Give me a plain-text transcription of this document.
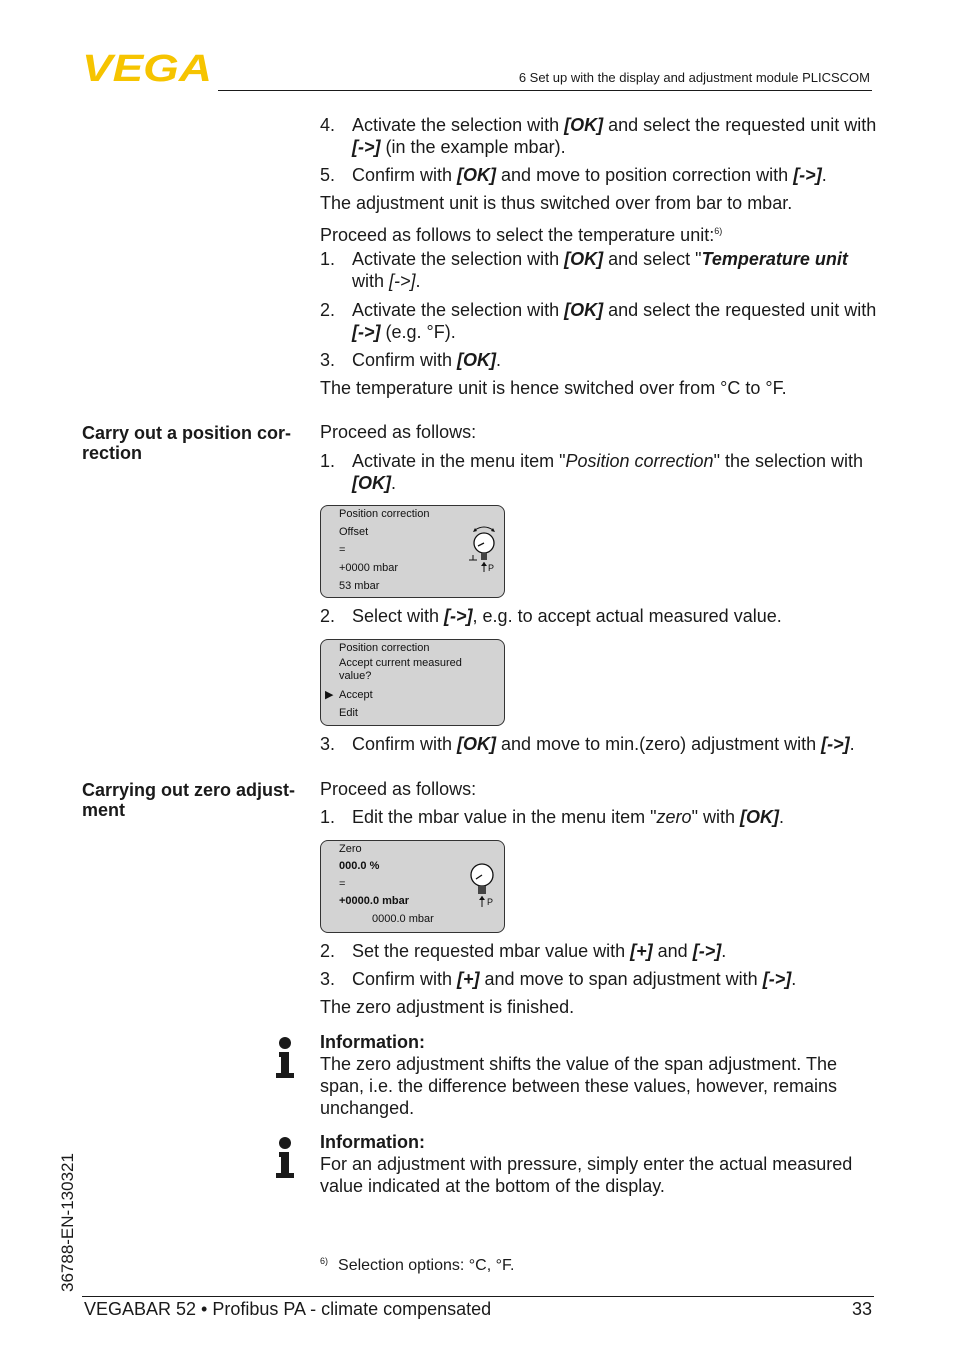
VEGA	6 Set up with the display and adjustment module PLICSCOM
4. Activate the selection with [OK] and select the requested unit with
[->] (in the example mbar).
5. Confirm with [OK] and move to position correction with [->].
The adjustment unit is thus switched over from bar to mbar.
Proceed as follows to select the temperature unit:$^{6)}$
1. Activate the selection with [OK] and select "Temperature unit
with [->].
2. Activate the selection with [OK] and select the requested unit with
[->] (e.g. °F).
3. Confirm with [OK].
The temperature unit is hence switched over from °C to °F.
Carry out a position cor-
rection
Proceed as follows:
1. Activate in the menu item "Position correction" the selection with
[OK].
Position correction
Offset
=
+0000 mbar
53 mbar
P
2. Select with [->], e.g. to accept actual measured value.
Position correction
Accept current measured
value?
▶ Accept
Edit
3. Confirm with [OK] and move to min.(zero) adjustment with [->].
Carrying out zero adjust-
ment
Proceed as follows:
1. Edit the mbar value in the menu item "zero" with [OK].
Zero
000.0 %
=
+0000.0 mbar
0000.0 mbar
P
2. Set the requested mbar value with [+] and [->].
3. Confirm with [+] and move to span adjustment with [->].
The zero adjustment is finished.
Information:
The zero adjustment shifts the value of the span adjustment. The
span, i.e. the difference between these values, however, remains
unchanged.
Information:
For an adjustment with pressure, simply enter the actual measured
value indicated at the bottom of the display.
$^{6)}$ Selection options: °C, °F.
36788-EN-130321
VEGABAR 52 • Profibus PA - climate compensated	33
